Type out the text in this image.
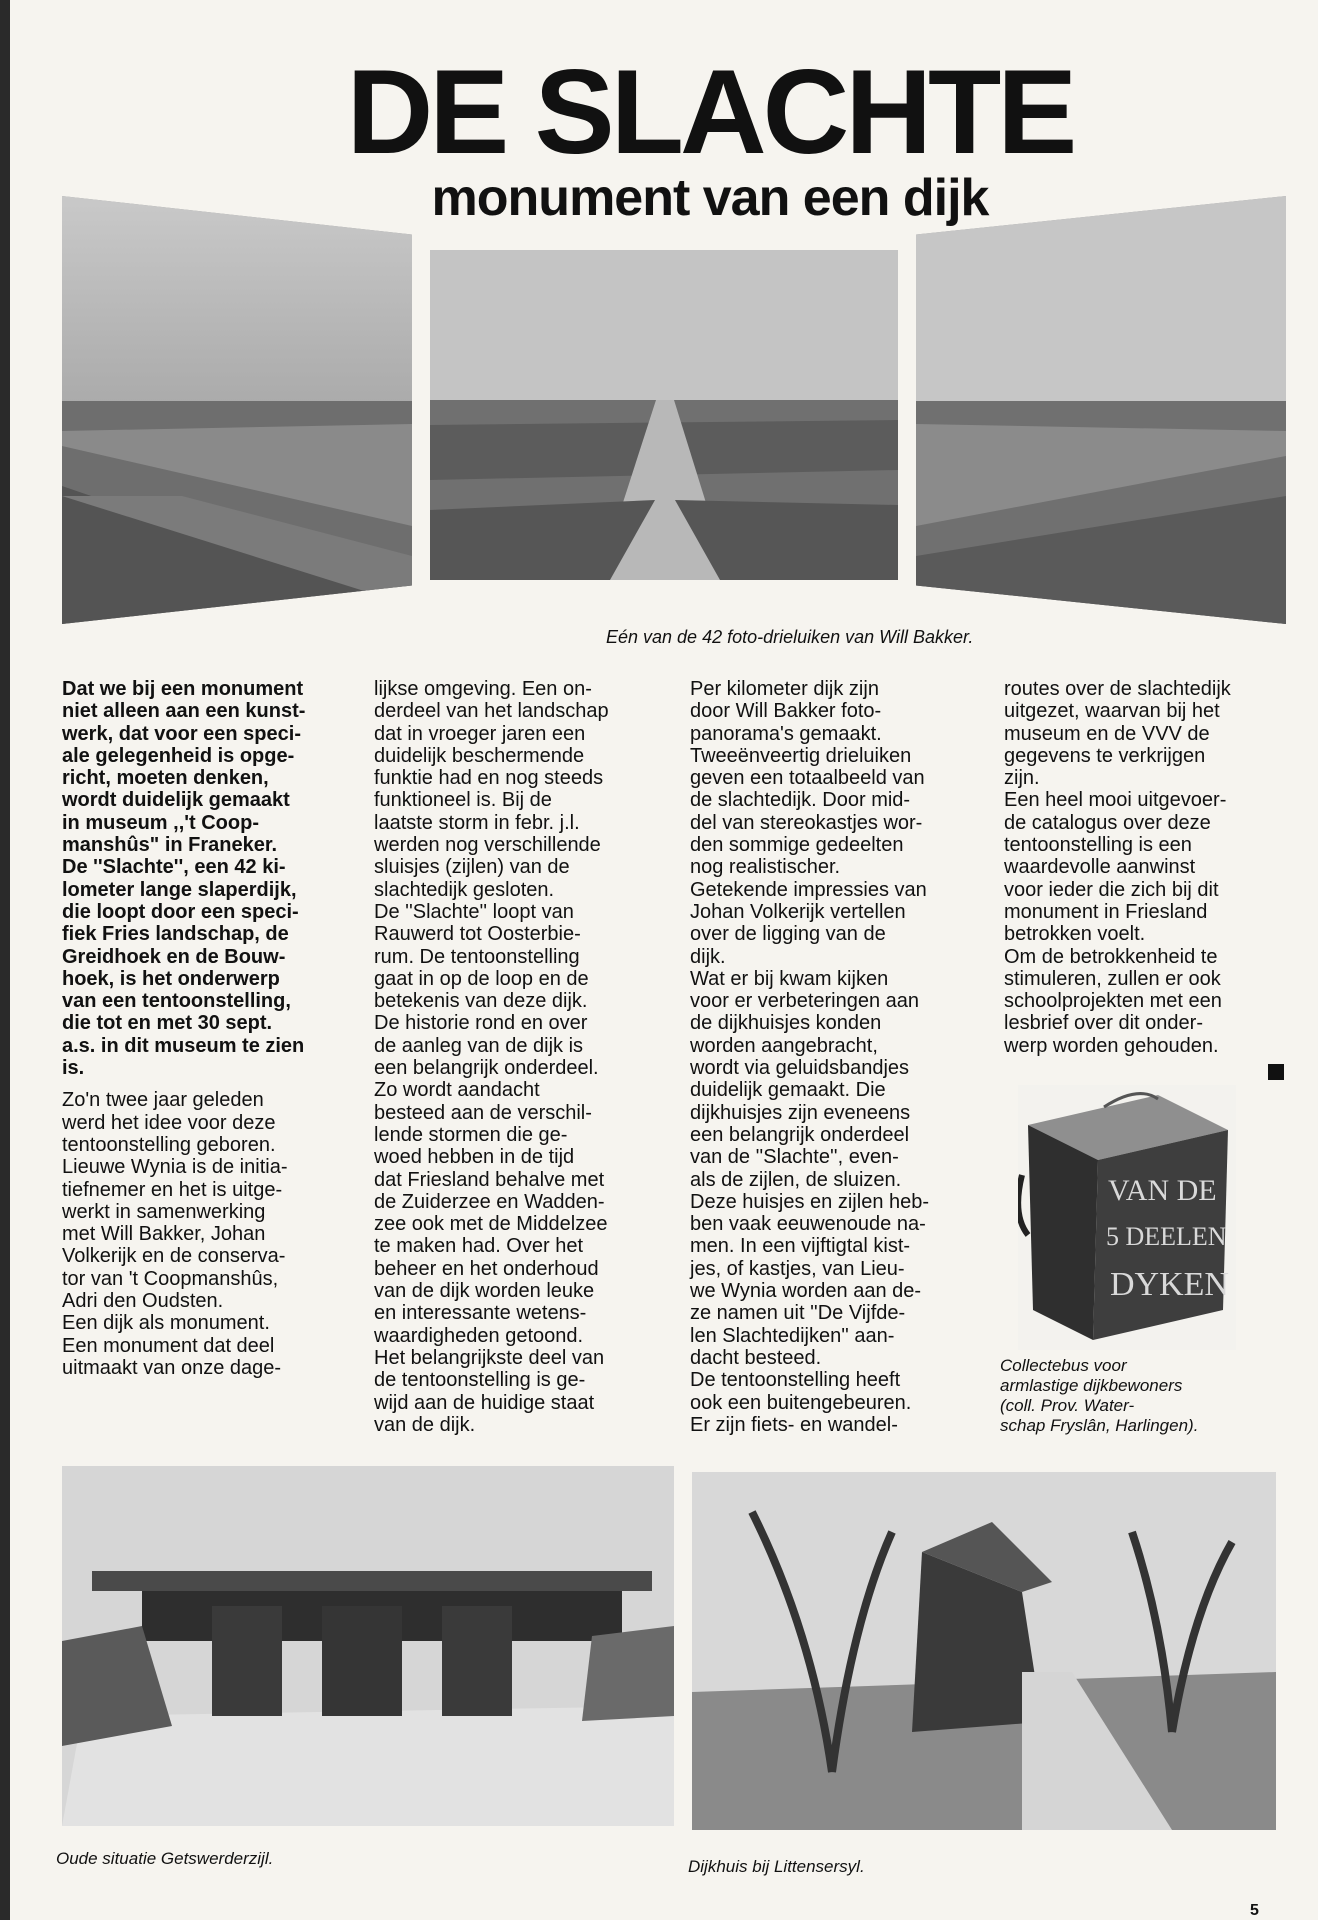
DE SLACHTE
monument van een dijk
Eén van de 42 foto-drieluiken van Will Bakker.

Dat we bij een monument
niet alleen aan een kunst-
werk, dat voor een speci-
ale gelegenheid is opge-
richt, moeten denken,
wordt duidelijk gemaakt
in museum ,,'t Coop-
manshûs" in Franeker.
De ''Slachte'', een 42 ki-
lometer lange slaperdijk,
die loopt door een speci-
fiek Fries landschap, de
Greidhoek en de Bouw-
hoek, is het onderwerp
van een tentoonstelling,
die tot en met 30 sept.
a.s. in dit museum te zien
is.

Zo'n twee jaar geleden
werd het idee voor deze
tentoonstelling geboren.
Lieuwe Wynia is de initia-
tiefnemer en het is uitge-
werkt in samenwerking
met Will Bakker, Johan
Volkerijk en de conserva-
tor van 't Coopmanshûs,
Adri den Oudsten.
Een dijk als monument.
Een monument dat deel
uitmaakt van onze dage-

lijkse omgeving. Een on-
derdeel van het landschap
dat in vroeger jaren een
duidelijk beschermende
funktie had en nog steeds
funktioneel is. Bij de
laatste storm in febr. j.l.
werden nog verschillende
sluisjes (zijlen) van de
slachtedijk gesloten.
De ''Slachte'' loopt van
Rauwerd tot Oosterbie-
rum. De tentoonstelling
gaat in op de loop en de
betekenis van deze dijk.
De historie rond en over
de aanleg van de dijk is
een belangrijk onderdeel.
Zo wordt aandacht
besteed aan de verschil-
lende stormen die ge-
woed hebben in de tijd
dat Friesland behalve met
de Zuiderzee en Wadden-
zee ook met de Middelzee
te maken had. Over het
beheer en het onderhoud
van de dijk worden leuke
en interessante wetens-
waardigheden getoond.
Het belangrijkste deel van
de tentoonstelling is ge-
wijd aan de huidige staat
van de dijk.

Per kilometer dijk zijn
door Will Bakker foto-
panorama's gemaakt.
Tweeënveertig drieluiken
geven een totaalbeeld van
de slachtedijk. Door mid-
del van stereokastjes wor-
den sommige gedeelten
nog realistischer.
Getekende impressies van
Johan Volkerijk vertellen
over de ligging van de
dijk.
Wat er bij kwam kijken
voor er verbeteringen aan
de dijkhuisjes konden
worden aangebracht,
wordt via geluidsbandjes
duidelijk gemaakt. Die
dijkhuisjes zijn eveneens
een belangrijk onderdeel
van de ''Slachte'', even-
als de zijlen, de sluizen.
Deze huisjes en zijlen heb-
ben vaak eeuwenoude na-
men. In een vijftigtal kist-
jes, of kastjes, van Lieu-
we Wynia worden aan de-
ze namen uit ''De Vijfde-
len Slachtedijken'' aan-
dacht besteed.
De tentoonstelling heeft
ook een buitengebeuren.
Er zijn fiets- en wandel-

routes over de slachtedijk
uitgezet, waarvan bij het
museum en de VVV de
gegevens te verkrijgen
zijn.
Een heel mooi uitgevoer-
de catalogus over deze
tentoonstelling is een
waardevolle aanwinst
voor ieder die zich bij dit
monument in Friesland
betrokken voelt.
Om de betrokkenheid te
stimuleren, zullen er ook
schoolprojekten met een
lesbrief over dit onder-
werp worden gehouden.

VAN DE
5 DEELEN
DYKEN
Collectebus voor
armlastige dijkbewoners
(coll. Prov. Water-
schap Fryslân, Harlingen).
Oude situatie Getswerderzijl.	Dijkhuis bij Littensersyl.
5
